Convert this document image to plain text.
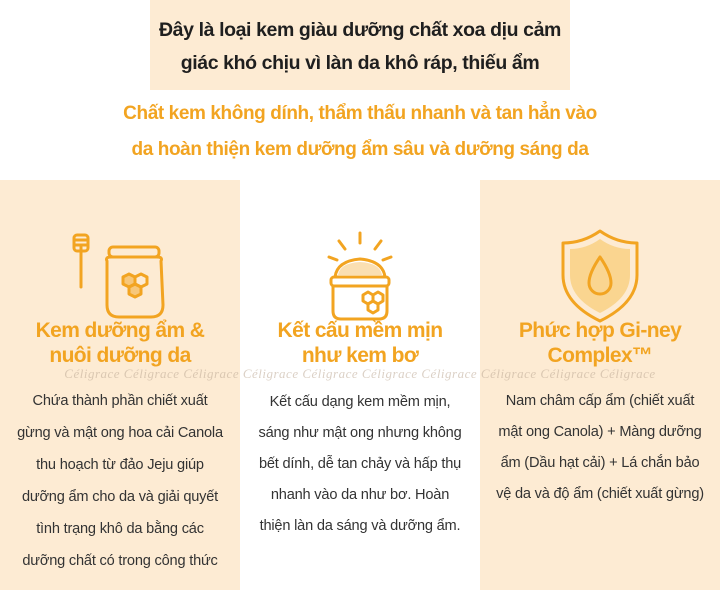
Đây là loại kem giàu dưỡng chất xoa dịu cảm
giác khó chịu vì làn da khô ráp, thiếu ẩm
Chất kem không dính, thẩm thấu nhanh và tan hẳn vào
da hoàn thiện kem dưỡng ẩm sâu và dưỡng sáng da
Kem dưỡng ẩm &
nuôi dưỡng da
Chứa thành phần chiết xuất
gừng và mật ong hoa cải Canola
thu hoạch từ đảo Jeju giúp
dưỡng ẩm cho da và giải quyết
tình trạng khô da bằng các
dưỡng chất có trong công thức
Kết cấu mềm mịn
như kem bơ
Kết cấu dạng kem mềm mịn,
sáng như mật ong nhưng không
bết dính, dễ tan chảy và hấp thụ
nhanh vào da như bơ. Hoàn
thiện làn da sáng và dưỡng ẩm.
Phức hợp Gi-ney
Complex™
Nam châm cấp ẩm (chiết xuất
mật ong Canola) + Màng dưỡng
ẩm (Dầu hạt cải) + Lá chắn bảo
vệ da và độ ẩm (chiết xuất gừng)
Céligrace Céligrace Céligrace Céligrace Céligrace Céligrace Céligrace Céligrace Céligrace Céligrace
